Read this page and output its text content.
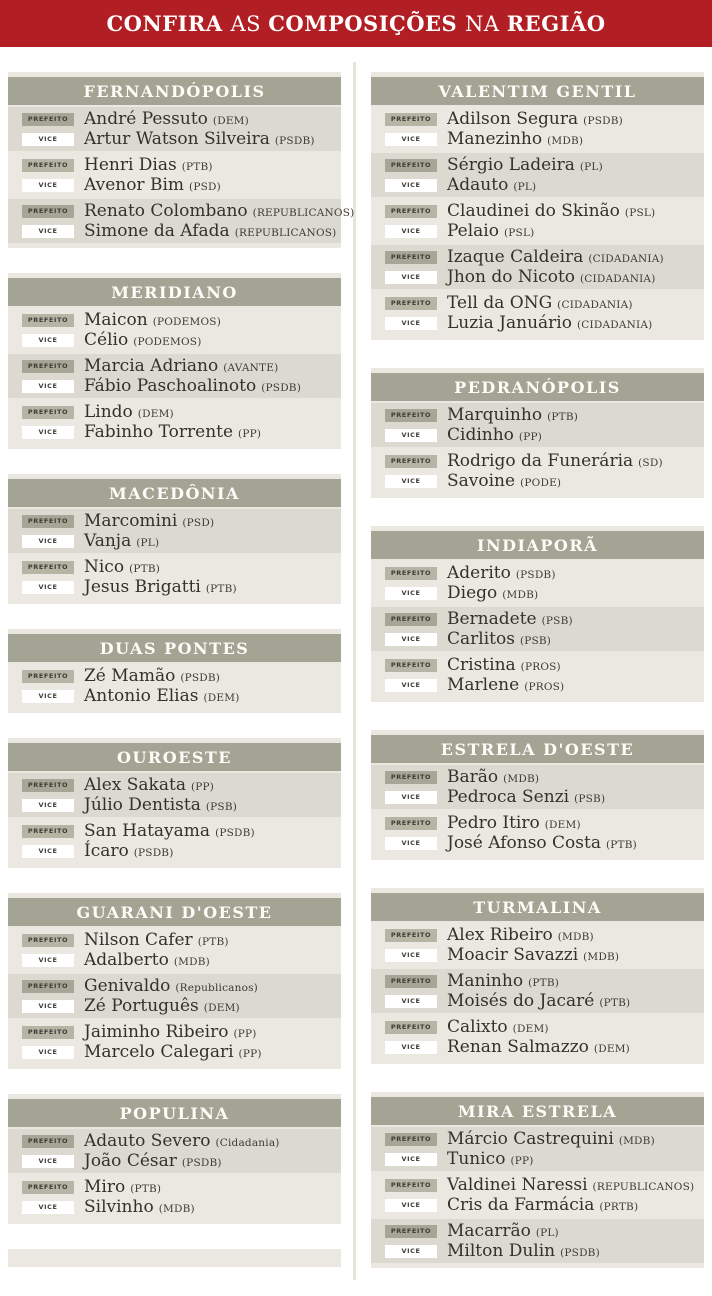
CONFIRA AS COMPOSIÇÕES NA REGIÃO
FERNANDÓPOLIS
PREFEITO André Pessuto (DEM)
VICE	Artur Watson Silveira (PSDB)
PREFEITO Henri Dias (PTB)
VICE	Avenor Bim (PSD)
PREFEITO Renato Colombano (REPUBLICANOS)
VICE	Simone da Afada (REPUBLICANOS)
MERIDIANO
PREFEITO Maicon (PODEMOS)
VICE	Célio (PODEMOS)
PREFEITO Marcia Adriano (AVANTE)
VICE	Fábio Paschoalinoto (PSDB)
PREFEITO Lindo (DEM)
VICE	Fabinho Torrente (PP)
MACEDÔNIA
PREFEITO Marcomini (PSD)
VICE	Vanja (PL)
PREFEITO Nico (PTB)
VICE	Jesus Brigatti (PTB)
DUAS PONTES
PREFEITO Zé Mamão (PSDB)
VICE	Antonio Elias (DEM)
OUROESTE
PREFEITO Alex Sakata (PP)
VICE	Júlio Dentista (PSB)
PREFEITO San Hatayama (PSDB)
VICE	Ícaro (PSDB)
GUARANI D'OESTE
PREFEITO Nilson Cafer (PTB)
VICE	Adalberto (MDB)
PREFEITO Genivaldo (Republicanos)
VICE	Zé Português (DEM)
PREFEITO Jaiminho Ribeiro (PP)
VICE	Marcelo Calegari (PP)
POPULINA
PREFEITO Adauto Severo (Cidadania)
VICE	João César (PSDB)
PREFEITO Miro (PTB)
VICE	Silvinho (MDB)
VALENTIM GENTIL
PREFEITO Adilson Segura (PSDB)
VICE	Manezinho (MDB)
PREFEITO Sérgio Ladeira (PL)
VICE	Adauto (PL)
PREFEITO Claudinei do Skinão (PSL)
VICE	Pelaio (PSL)
PREFEITO Izaque Caldeira (CIDADANIA)
VICE	Jhon do Nicoto (CIDADANIA)
PREFEITO Tell da ONG (CIDADANIA)
VICE	Luzia Januário (CIDADANIA)
PEDRANÓPOLIS
PREFEITO Marquinho (PTB)
VICE	Cidinho (PP)
PREFEITO Rodrigo da Funerária (SD)
VICE	Savoine (PODE)
INDIAPORÃ
PREFEITO Aderito (PSDB)
VICE	Diego (MDB)
PREFEITO Bernadete (PSB)
VICE	Carlitos (PSB)
PREFEITO Cristina (PROS)
VICE	Marlene (PROS)
ESTRELA D'OESTE
PREFEITO Barão (MDB)
VICE	Pedroca Senzi (PSB)
PREFEITO Pedro Itiro (DEM)
VICE	José Afonso Costa (PTB)
TURMALINA
PREFEITO Alex Ribeiro (MDB)
VICE	Moacir Savazzi (MDB)
PREFEITO Maninho (PTB)
VICE	Moisés do Jacaré (PTB)
PREFEITO Calixto (DEM)
VICE	Renan Salmazzo (DEM)
MIRA ESTRELA
PREFEITO Márcio Castrequini (MDB)
VICE	Tunico (PP)
PREFEITO Valdinei Naressi (REPUBLICANOS)
VICE	Cris da Farmácia (PRTB)
PREFEITO Macarrão (PL)
VICE	Milton Dulin (PSDB)
